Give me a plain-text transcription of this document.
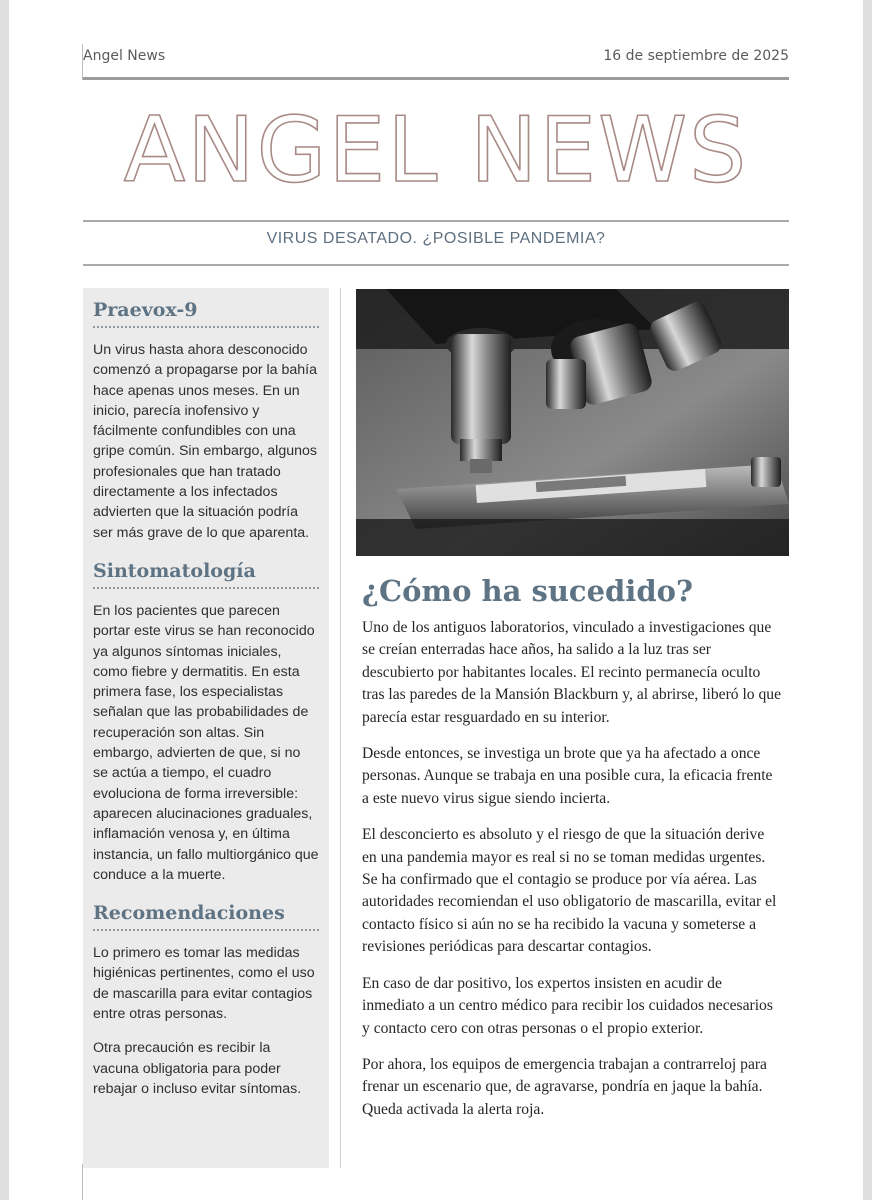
Angel News	16 de septiembre de 2025
ANGEL NEWS
VIRUS DESATADO. ¿POSIBLE PANDEMIA?
Praevox-9
Un virus hasta ahora desconocido comenzó a propagarse por la bahía hace apenas unos meses. En un inicio, parecía inofensivo y fácilmente confundibles con una gripe común. Sin embargo, algunos profesionales que han tratado directamente a los infectados advierten que la situación podría ser más grave de lo que aparenta.
Sintomatología
En los pacientes que parecen portar este virus se han reconocido ya algunos síntomas iniciales, como fiebre y dermatitis. En esta primera fase, los especialistas señalan que las probabilidades de recuperación son altas. Sin embargo, advierten de que, si no se actúa a tiempo, el cuadro evoluciona de forma irreversible: aparecen alucinaciones graduales, inflamación venosa y, en última instancia, un fallo multiorgánico que conduce a la muerte.
Recomendaciones
Lo primero es tomar las medidas higiénicas pertinentes, como el uso de mascarilla para evitar contagios entre otras personas.
Otra precaución es recibir la vacuna obligatoria para poder rebajar o incluso evitar síntomas.
¿Cómo ha sucedido?

Uno de los antiguos laboratorios, vinculado a investigaciones que se creían enterradas hace años, ha salido a la luz tras ser descubierto por habitantes locales. El recinto permanecía oculto tras las paredes de la Mansión Blackburn y, al abrirse, liberó lo que parecía estar resguardado en su interior.

Desde entonces, se investiga un brote que ya ha afectado a once personas. Aunque se trabaja en una posible cura, la eficacia frente a este nuevo virus sigue siendo incierta.

El desconcierto es absoluto y el riesgo de que la situación derive en una pandemia mayor es real si no se toman medidas urgentes. Se ha confirmado que el contagio se produce por vía aérea. Las autoridades recomiendan el uso obligatorio de mascarilla, evitar el contacto físico si aún no se ha recibido la vacuna y someterse a revisiones periódicas para descartar contagios.

En caso de dar positivo, los expertos insisten en acudir de inmediato a un centro médico para recibir los cuidados necesarios y contacto cero con otras personas o el propio exterior.

Por ahora, los equipos de emergencia trabajan a contrarreloj para frenar un escenario que, de agravarse, pondría en jaque la bahía. Queda activada la alerta roja.
